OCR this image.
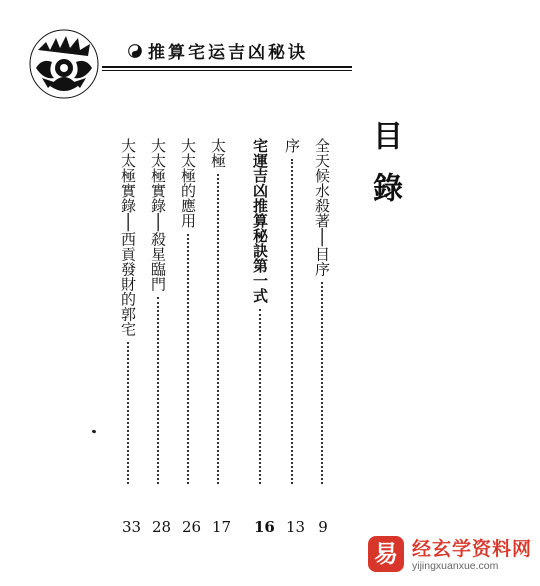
推算宅运吉凶秘诀
目錄
全天候水殺著──目序
序
宅運吉凶推算秘訣第一式
太極
大太極的應用
大太極實錄──殺星臨門
大太極實錄──西貢發財的郭宅
9
13
16
17
26
28
33
易 经玄学资料网
yijingxuanxue.com
